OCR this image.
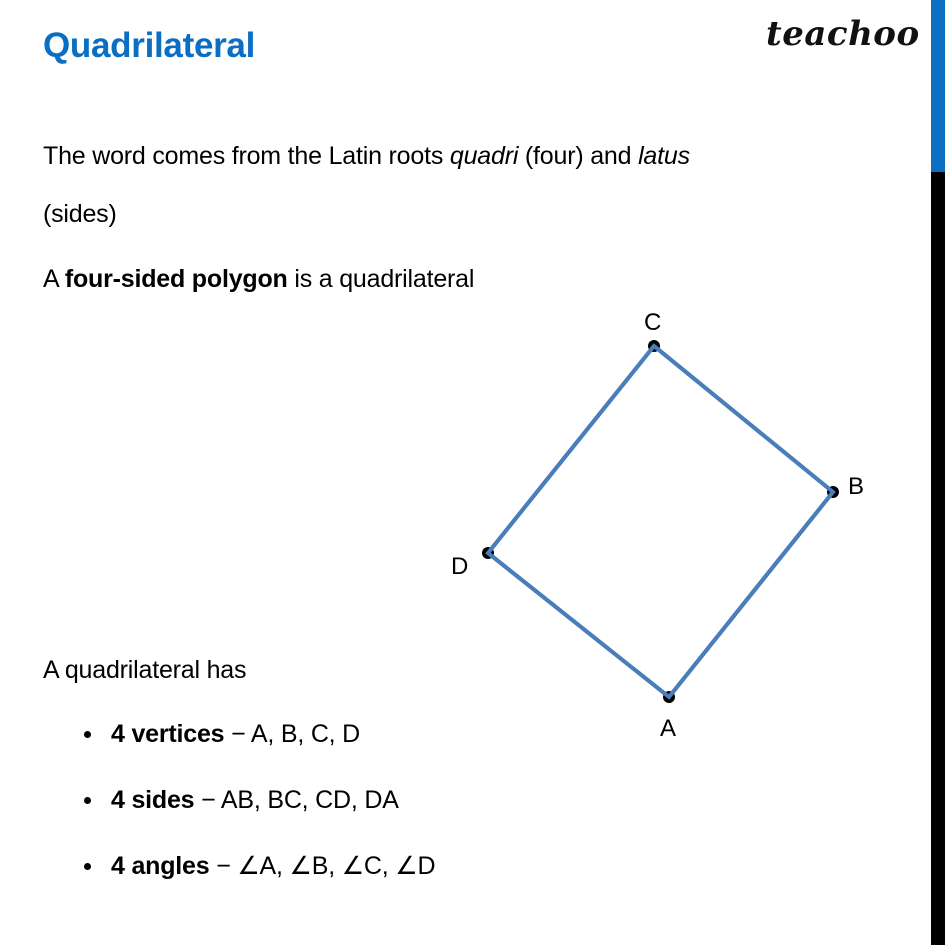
Quadrilateral	teachoo
The word comes from the Latin roots quadri (four) and latus
(sides)
A four-sided polygon is a quadrilateral
C
B
D
A
A quadrilateral has
4 vertices − A, B, C, D
4 sides − AB, BC, CD, DA
4 angles − ∠A, ∠B, ∠C, ∠D
